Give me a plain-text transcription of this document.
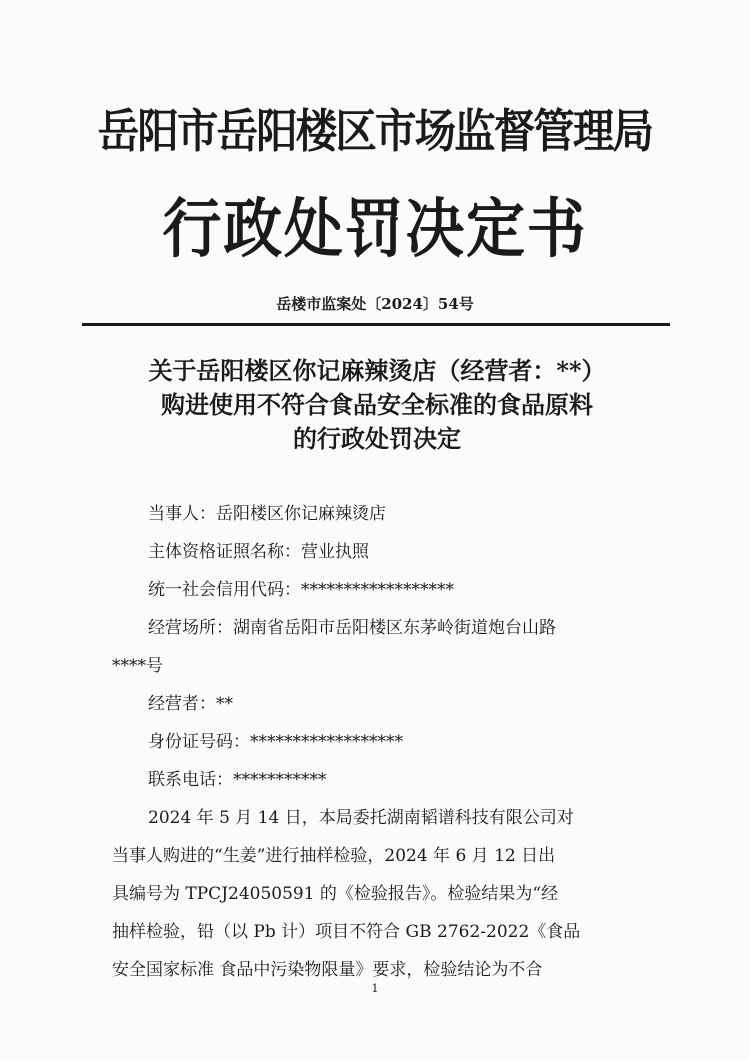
岳阳市岳阳楼区市场监督管理局
行政处罚决定书
岳楼市监案处〔2024〕54号
关于岳阳楼区你记麻辣烫店（经营者：**）
购进使用不符合食品安全标准的食品原料
的行政处罚决定
当事人：岳阳楼区你记麻辣烫店
主体资格证照名称：营业执照
统一社会信用代码：******************
经营场所：湖南省岳阳市岳阳楼区东茅岭街道炮台山路
****号
经营者：**
身份证号码：******************
联系电话：***********
2024 年 5 月 14 日，本局委托湖南韬谱科技有限公司对
当事人购进的“生姜”进行抽样检验，2024 年 6 月 12 日出
具编号为 TPCJ24050591 的《检验报告》。检验结果为“经
抽样检验，铅（以 Pb 计）项目不符合 GB 2762-2022《食品
安全国家标准 食品中污染物限量》要求，检验结论为不合
1
